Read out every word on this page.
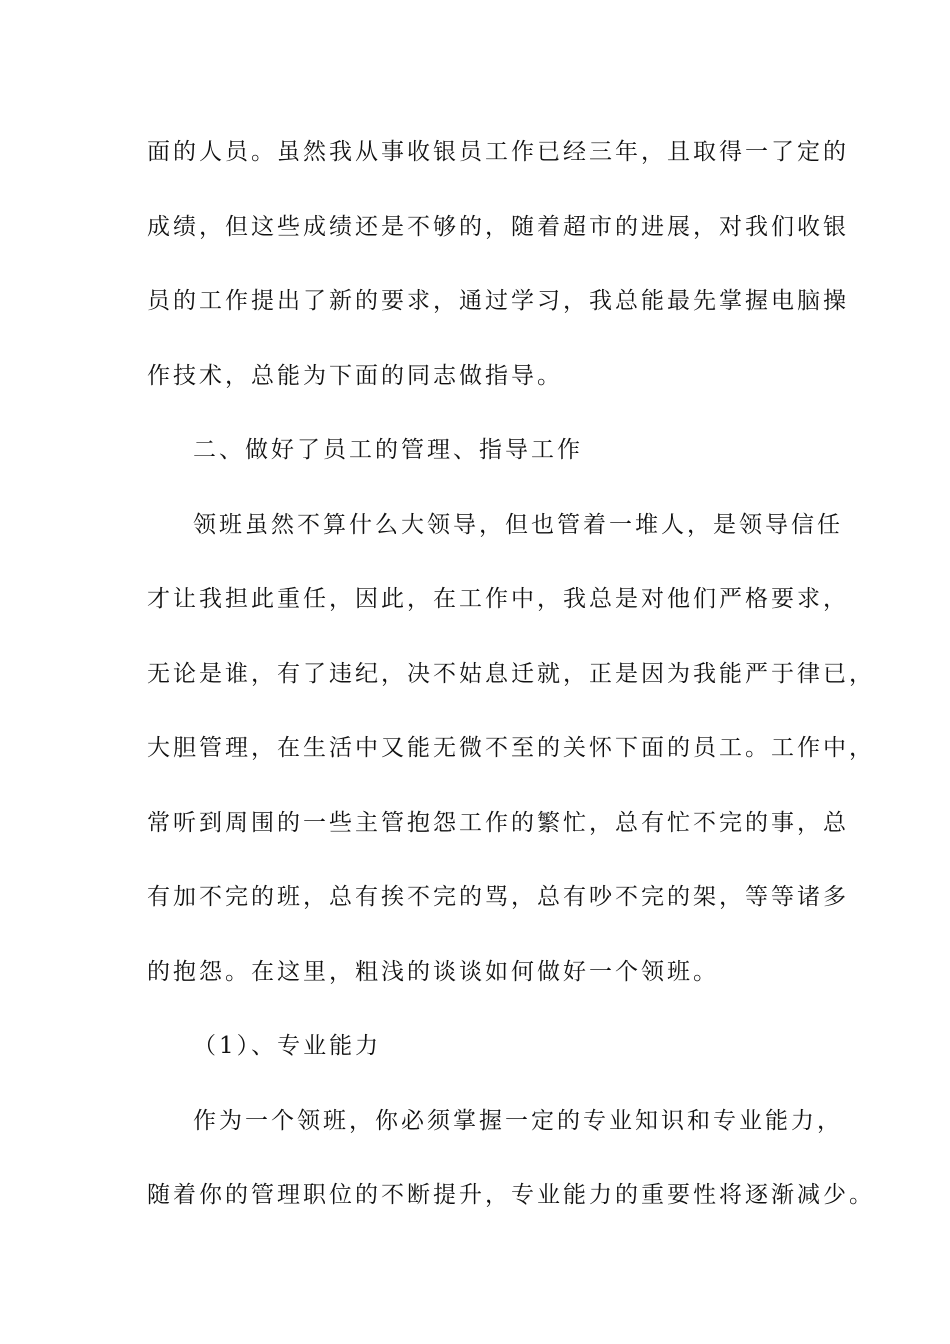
面的人员。虽然我从事收银员工作已经三年，且取得一了定的
成绩，但这些成绩还是不够的，随着超市的进展，对我们收银
员的工作提出了新的要求，通过学习，我总能最先掌握电脑操
作技术，总能为下面的同志做指导。
二、做好了员工的管理、指导工作
领班虽然不算什么大领导，但也管着一堆人，是领导信任
才让我担此重任，因此，在工作中，我总是对他们严格要求，
无论是谁，有了违纪，决不姑息迁就，正是因为我能严于律已，
大胆管理，在生活中又能无微不至的关怀下面的员工。工作中，
常听到周围的一些主管抱怨工作的繁忙，总有忙不完的事，总
有加不完的班，总有挨不完的骂，总有吵不完的架，等等诸多
的抱怨。在这里，粗浅的谈谈如何做好一个领班。
（1）、专业能力
作为一个领班，你必须掌握一定的专业知识和专业能力，
随着你的管理职位的不断提升，专业能力的重要性将逐渐减少。
